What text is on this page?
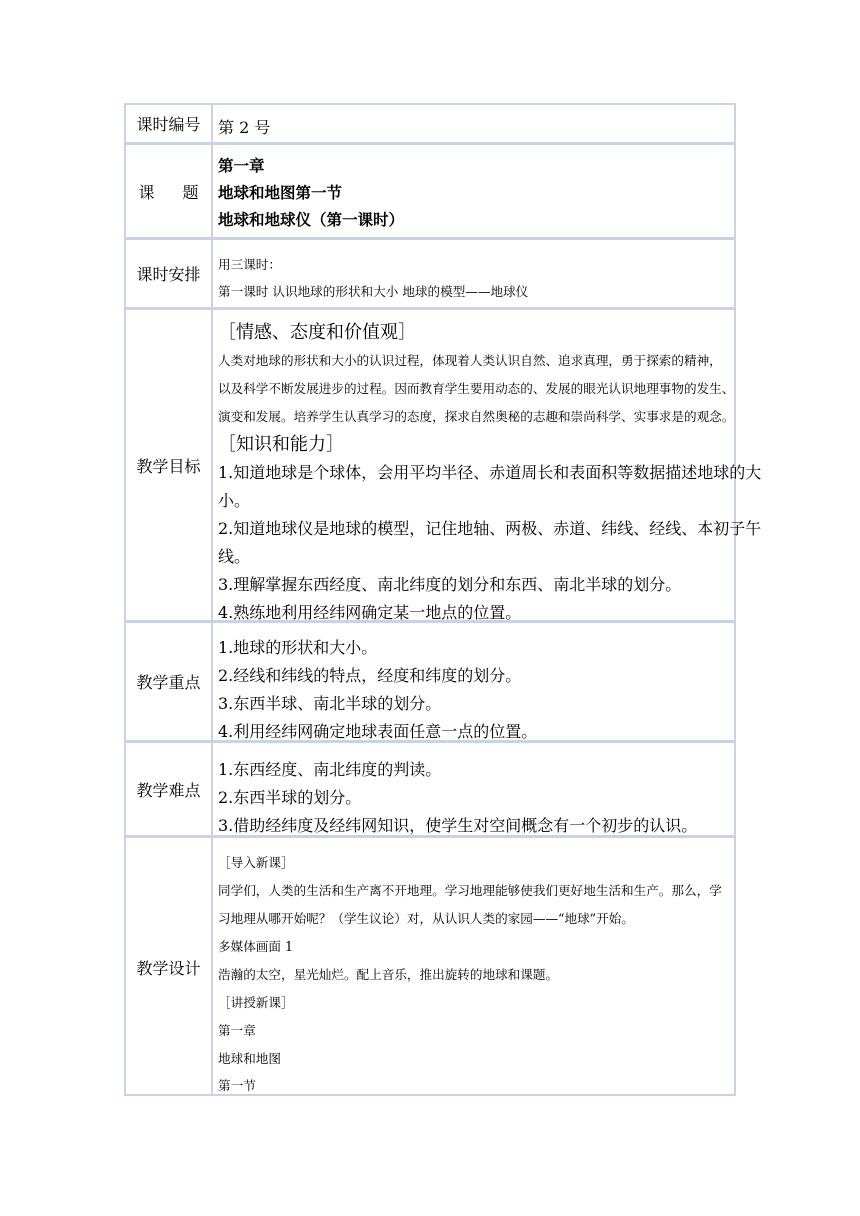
课时编号	第 2 号
课 题
第一章
地球和地图第一节
地球和地球仪（第一课时）
课时安排
用三课时：
第一课时 认识地球的形状和大小 地球的模型——地球仪
教学目标
［情感、态度和价值观］
人类对地球的形状和大小的认识过程，体现着人类认识自然、追求真理，勇于探索的精神，
以及科学不断发展进步的过程。因而教育学生要用动态的、发展的眼光认识地理事物的发生、
演变和发展。培养学生认真学习的态度，探求自然奥秘的志趣和崇尚科学、实事求是的观念。
［知识和能力］
1.知道地球是个球体，会用平均半径、赤道周长和表面积等数据描述地球的大
小。
2.知道地球仪是地球的模型，记住地轴、两极、赤道、纬线、经线、本初子午
线。
3.理解掌握东西经度、南北纬度的划分和东西、南北半球的划分。
4.熟练地利用经纬网确定某一地点的位置。
教学重点
1.地球的形状和大小。
2.经线和纬线的特点，经度和纬度的划分。
3.东西半球、南北半球的划分。
4.利用经纬网确定地球表面任意一点的位置。
教学难点
1.东西经度、南北纬度的判读。
2.东西半球的划分。
3.借助经纬度及经纬网知识，使学生对空间概念有一个初步的认识。
教学设计
［导入新课］
同学们，人类的生活和生产离不开地理。学习地理能够使我们更好地生活和生产。那么，学
习地理从哪开始呢？（学生议论）对，从认识人类的家园——“地球”开始。
多媒体画面 1
浩瀚的太空，星光灿烂。配上音乐，推出旋转的地球和课题。
［讲授新课］
第一章
地球和地图
第一节
